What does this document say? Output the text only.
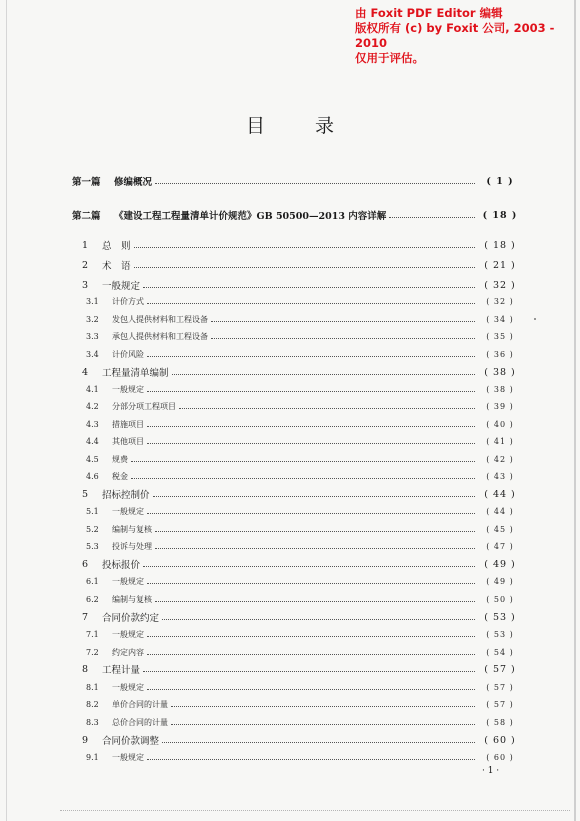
由 Foxit PDF Editor 编辑
版权所有 (c) by Foxit 公司, 2003 - 2010
仅用于评估。
目 录
第一篇	修编概况	( 1 )
第二篇	《建设工程工程量清单计价规范》GB 50500—2013 内容详解	( 18 )
1	总　则	( 18 )
2	术　语	( 21 )
3	一般规定	( 32 )
3.1	计价方式	( 32 )
3.2	发包人提供材料和工程设备	( 34 )
3.3	承包人提供材料和工程设备	( 35 )
3.4	计价风险	( 36 )
4	工程量清单编制	( 38 )
4.1	一般规定	( 38 )
4.2	分部分项工程项目	( 39 )
4.3	措施项目	( 40 )
4.4	其他项目	( 41 )
4.5	规费	( 42 )
4.6	税金	( 43 )
5	招标控制价	( 44 )
5.1	一般规定	( 44 )
5.2	编制与复核	( 45 )
5.3	投诉与处理	( 47 )
6	投标报价	( 49 )
6.1	一般规定	( 49 )
6.2	编制与复核	( 50 )
7	合同价款约定	( 53 )
7.1	一般规定	( 53 )
7.2	约定内容	( 54 )
8	工程计量	( 57 )
8.1	一般规定	( 57 )
8.2	单价合同的计量	( 57 )
8.3	总价合同的计量	( 58 )
9	合同价款调整	( 60 )
9.1	一般规定	( 60 )
· 1 ·
